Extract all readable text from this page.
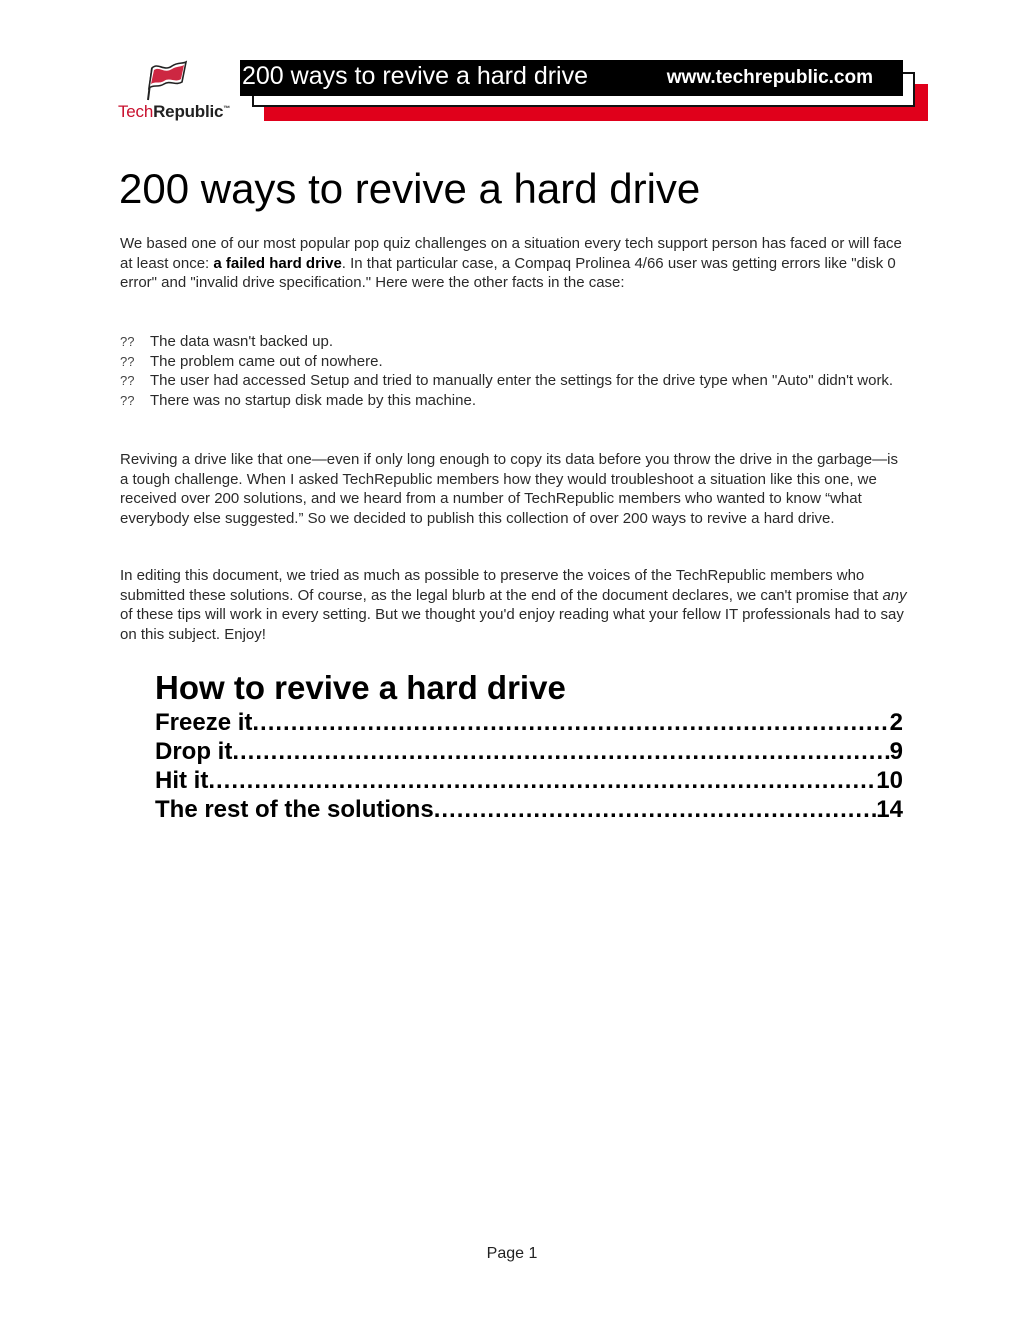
TechRepublic™
200 ways to revive a hard drive	www.techrepublic.com
200 ways to revive a hard drive

We based one of our most popular pop quiz challenges on a situation every tech support person has faced or will face at least once: a failed hard drive. In that particular case, a Compaq Prolinea 4/66 user was getting errors like "disk 0 error" and "invalid drive specification." Here were the other facts in the case:

?? The data wasn't backed up.
?? The problem came out of nowhere.
?? The user had accessed Setup and tried to manually enter the settings for the drive type when "Auto" didn't work.
?? There was no startup disk made by this machine.

Reviving a drive like that one—even if only long enough to copy its data before you throw the drive in the garbage—is a tough challenge. When I asked TechRepublic members how they would troubleshoot a situation like this one, we received over 200 solutions, and we heard from a number of TechRepublic members who wanted to know “what everybody else suggested.” So we decided to publish this collection of over 200 ways to revive a hard drive.

In editing this document, we tried as much as possible to preserve the voices of the TechRepublic members who submitted these solutions. Of course, as the legal blurb at the end of the document declares, we can't promise that any of these tips will work in every setting. But we thought you'd enjoy reading what your fellow IT professionals had to say on this subject. Enjoy!

How to revive a hard drive
Freeze it .....	2
Drop it .....	9
Hit it .....	10
The rest of the solutions .....	14
Page 1
